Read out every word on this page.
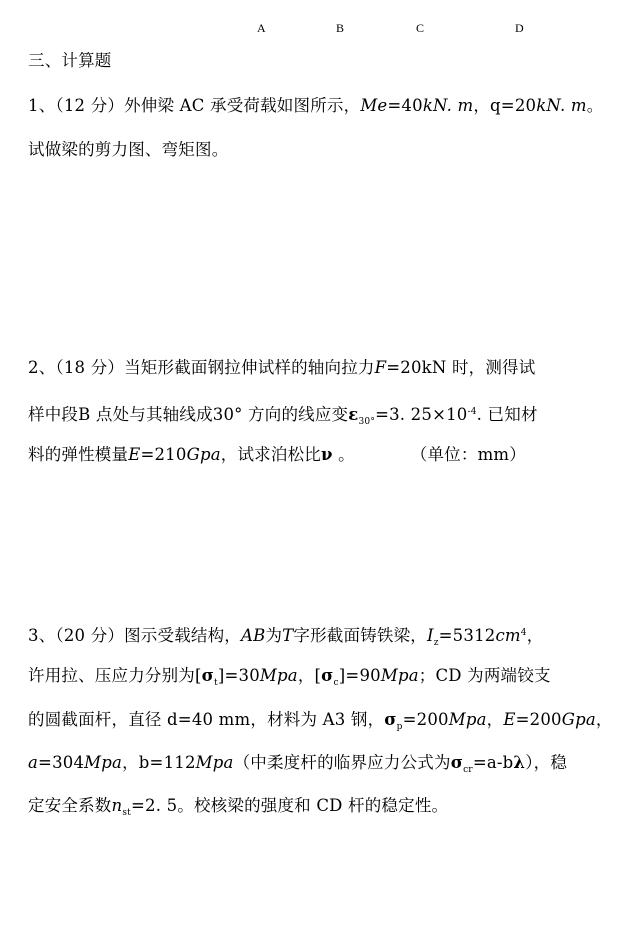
A	B	C	D
三、计算题
1、（12 分）外伸梁 AC 承受荷载如图所示，Me=40kN. m，q=20kN. m。
试做梁的剪力图、弯矩图。
2、（18 分）当矩形截面钢拉伸试样的轴向拉力F=20kN 时，测得试
样中段B 点处与其轴线成30° 方向的线应变$\varepsilon_{30^\circ}=3$. $25\times 10^{-4}$. 已知材
料的弹性模量E=210Gpa，试求泊松比ν 。	（单位：mm）
3、（20 分）图示受载结构，AB为T字形截面铸铁梁，$I_z=5312cm^4$，
许用拉、压应力分别为$[\sigma_t]=30Mpa$，$[\sigma_c]=90Mpa$；CD 为两端铰支
的圆截面杆，直径 d=40 mm，材料为 A3 钢，$\sigma_p=200Mpa$，E=200Gpa，
a=304Mpa，b=112Mpa（中柔度杆的临界应力公式为$\sigma_{cr}=a-b\lambda$），稳
定安全系数$n_{st}=2$. 5。校核梁的强度和 CD 杆的稳定性。
